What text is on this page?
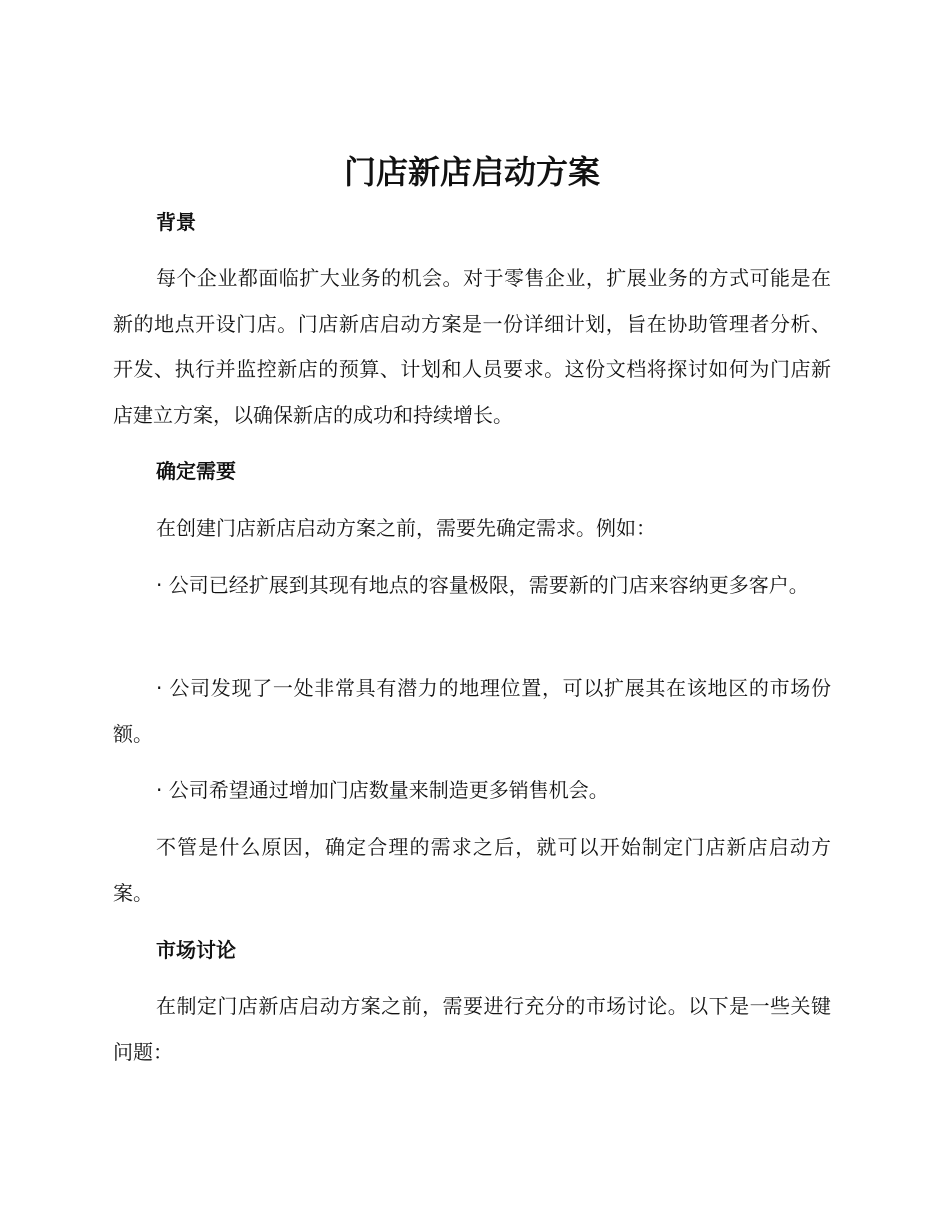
门店新店启动方案
背景

每个企业都面临扩大业务的机会。对于零售企业，扩展业务的方式可能是在新的地点开设门店。门店新店启动方案是一份详细计划，旨在协助管理者分析、开发、执行并监控新店的预算、计划和人员要求。这份文档将探讨如何为门店新店建立方案，以确保新店的成功和持续增长。

确定需要

在创建门店新店启动方案之前，需要先确定需求。例如：

· 公司已经扩展到其现有地点的容量极限，需要新的门店来容纳更多客户。

· 公司发现了一处非常具有潜力的地理位置，可以扩展其在该地区的市场份额。

· 公司希望通过增加门店数量来制造更多销售机会。

不管是什么原因，确定合理的需求之后，就可以开始制定门店新店启动方案。

市场讨论

在制定门店新店启动方案之前，需要进行充分的市场讨论。以下是一些关键问题：
